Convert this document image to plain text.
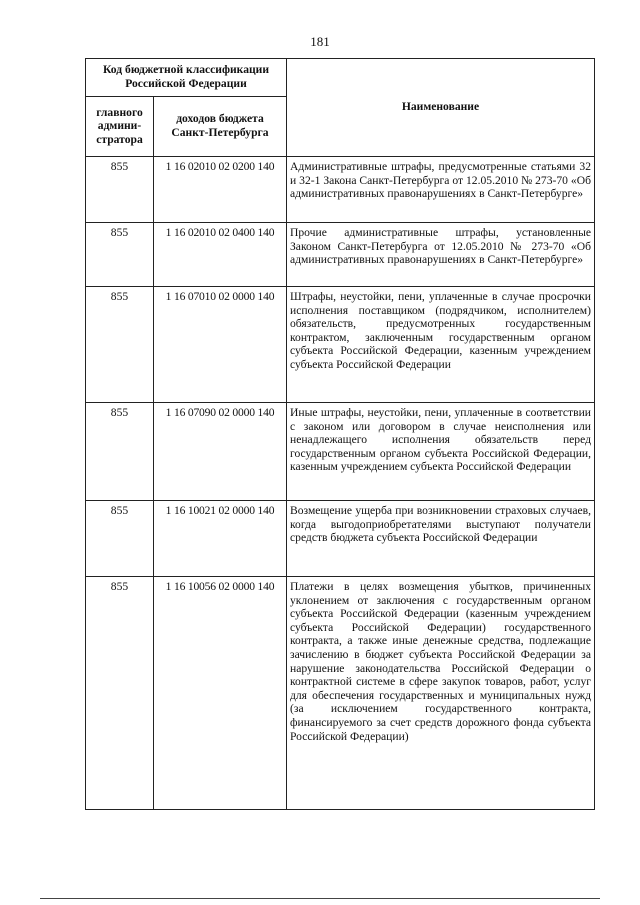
181
Код бюджетной классификации Российской Федерации		Наименование
главного админи-стратора	доходов бюджета Санкт-Петербурга	
855	1 16 02010 02 0200 140	Административные штрафы, предусмотренные статьями 32 и 32-1 Закона Санкт-Петербурга от 12.05.2010 № 273-70 «Об административных правонарушениях в Санкт-Петербурге»
855	1 16 02010 02 0400 140	Прочие административные штрафы, установленные Законом Санкт-Петербурга от 12.05.2010 № 273-70 «Об административных правонарушениях в Санкт-Петербурге»
855	1 16 07010 02 0000 140	Штрафы, неустойки, пени, уплаченные в случае просрочки исполнения поставщиком (подрядчиком, исполнителем) обязательств, предусмотренных государственным контрактом, заключенным государственным органом субъекта Российской Федерации, казенным учреждением субъекта Российской Федерации
855	1 16 07090 02 0000 140	Иные штрафы, неустойки, пени, уплаченные в соответствии с законом или договором в случае неисполнения или ненадлежащего исполнения обязательств перед государственным органом субъекта Российской Федерации, казенным учреждением субъекта Российской Федерации
855	1 16 10021 02 0000 140	Возмещение ущерба при возникновении страховых случаев, когда выгодоприобретателями выступают получатели средств бюджета субъекта Российской Федерации
855	1 16 10056 02 0000 140	Платежи в целях возмещения убытков, причиненных уклонением от заключения с государственным органом субъекта Российской Федерации (казенным учреждением субъекта Российской Федерации) государственного контракта, а также иные денежные средства, подлежащие зачислению в бюджет субъекта Российской Федерации за нарушение законодательства Российской Федерации о контрактной системе в сфере закупок товаров, работ, услуг для обеспечения государственных и муниципальных нужд (за исключением государственного контракта, финансируемого за счет средств дорожного фонда субъекта Российской Федерации)
